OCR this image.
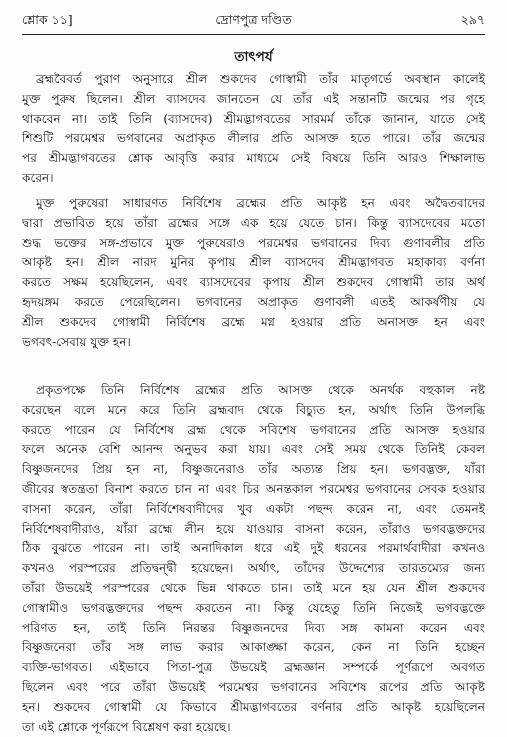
শ্লোক ১১]	দ্রোণপুত্র দণ্ডিত	২৯৭
তাৎপর্য
ব্রহ্মবৈবর্ত পুরাণ অনুসারে শ্রীল শুকদেব গোস্বামী তাঁর মাতৃগর্ভে অবস্থান কালেই
মুক্ত পুরুষ ছিলেন। শ্রীল ব্যাসদেব জানতেন যে তাঁর এই সন্তানটি জন্মের পর গৃহে
থাকবেন না। তাই তিনি (ব্যাসদেব) শ্রীমদ্ভাগবতের সারমর্ম তাঁকে জানান, যাতে সেই
শিশুটি পরমেশ্বর ভগবানের অপ্রাকৃত লীলার প্রতি আসক্ত হতে পারে। তাঁর জন্মের
পর শ্রীমদ্ভাগবতের শ্লোক আবৃত্তি করার মাধ্যমে সেই বিষয়ে তিনি আরও শিক্ষালাভ
করেন।
মুক্ত পুরুষেরা সাধারণত নির্বিশেষ ব্রহ্মের প্রতি আকৃষ্ট হন এবং অদ্বৈতবাদের
দ্বারা প্রভাবিত হয়ে তাঁরা ব্রহ্মের সঙ্গে এক হয়ে যেতে চান। কিন্তু ব্যাসদেবের মতো
শুদ্ধ ভক্তের সঙ্গ-প্রভাবে মুক্ত পুরুষেরাও পরমেশ্বর ভগবানের দিব্য গুণাবলীর প্রতি
আকৃষ্ট হন। শ্রীল নারদ মুনির কৃপায় শ্রীল ব্যাসদেব শ্রীমদ্ভাগবত মহাকাব্য বর্ণনা
করতে সক্ষম হয়েছিলেন, এবং ব্যাসদেবের কৃপায় শ্রীল শুকদেব গোস্বামী তার অর্থ
হৃদয়ঙ্গম করতে পেরেছিলেন। ভগবানের অপ্রাকৃত গুণাবলী এতই আকর্ষণীয় যে
শ্রীল শুকদেব গোস্বামী নির্বিশেষ ব্রহ্মে মগ্ন হওয়ার প্রতি অনাসক্ত হন এবং
ভগবৎ-সেবায় যুক্ত হন।
প্রকৃতপক্ষে তিনি নির্বিশেষ ব্রহ্মের প্রতি আসক্ত থেকে অনর্থক বহুকাল নষ্ট
করেছেন বলে মনে করে তিনি ব্রহ্মবাদ থেকে বিচ্যুত হন, অর্থাৎ তিনি উপলব্ধি
করতে পারেন যে নির্বিশেষ ব্রহ্ম থেকে সবিশেষ ভগবানের প্রতি আসক্ত হওয়ার
ফলে অনেক বেশি আনন্দ অনুভব করা যায়। এবং সেই সময় থেকে তিনিই কেবল
বিষ্ণুজনদের প্রিয় হন না, বিষ্ণুজনেরাও তাঁর অত্যন্ত প্রিয় হন। ভগবদ্ভক্ত, যাঁরা
জীবের স্বতন্ত্রতা বিনাশ করতে চান না এবং চির অনন্তকাল পরমেশ্বর ভগবানের সেবক হওয়ার
বাসনা করেন, তাঁরা নির্বিশেষবাদীদের খুব একটা পছন্দ করেন না, এবং তেমনই
নির্বিশেষবাদীরাও, যাঁরা ব্রহ্মে লীন হয়ে যাওয়ার বাসনা করেন, তাঁরাও ভগবদ্ভক্তদের
ঠিক বুঝতে পারেন না। তাই অনাদিকাল ধরে এই দুই ধরনের পরমার্থবাদীরা কখনও
কখনও পরস্পরের প্রতিদ্বন্দ্বী হয়েছেন। অর্থাৎ, তাঁদের উদ্দেশ্যের তারতম্যের জন্য
তাঁরা উভয়েই পরস্পরের থেকে ভিন্ন থাকতে চান। তাই মনে হয় যেন শ্রীল শুকদেব
গোস্বামীও ভগবদ্ভক্তদের পছন্দ করতেন না। কিন্তু যেহেতু তিনি নিজেই ভগবদ্ভক্তে
পরিণত হন, তাই তিনি নিরন্তর বিষ্ণুজনদের দিব্য সঙ্গ কামনা করেন এবং
বিষ্ণুজনেরা তাঁর সঙ্গ লাভ করার আকাঙ্ক্ষা করেন, কেন না তিনি হচ্ছেন
ব্যক্তি-ভাগবত। এইভাবে পিতা-পুত্র উভয়েই ব্রহ্মজ্ঞান সম্পর্কে পূর্ণরূপে অবগত
ছিলেন এবং পরে তাঁরা উভয়েই পরমেশ্বর ভগবানের সবিশেষ রূপের প্রতি আকৃষ্ট
হন। শুকদেব গোস্বামী যে কিভাবে শ্রীমদ্ভাগবতের বর্ণনার প্রতি আকৃষ্ট হয়েছিলেন
তা এই শ্লোকে পূর্ণরূপে বিশ্লেষণ করা হয়েছে।
